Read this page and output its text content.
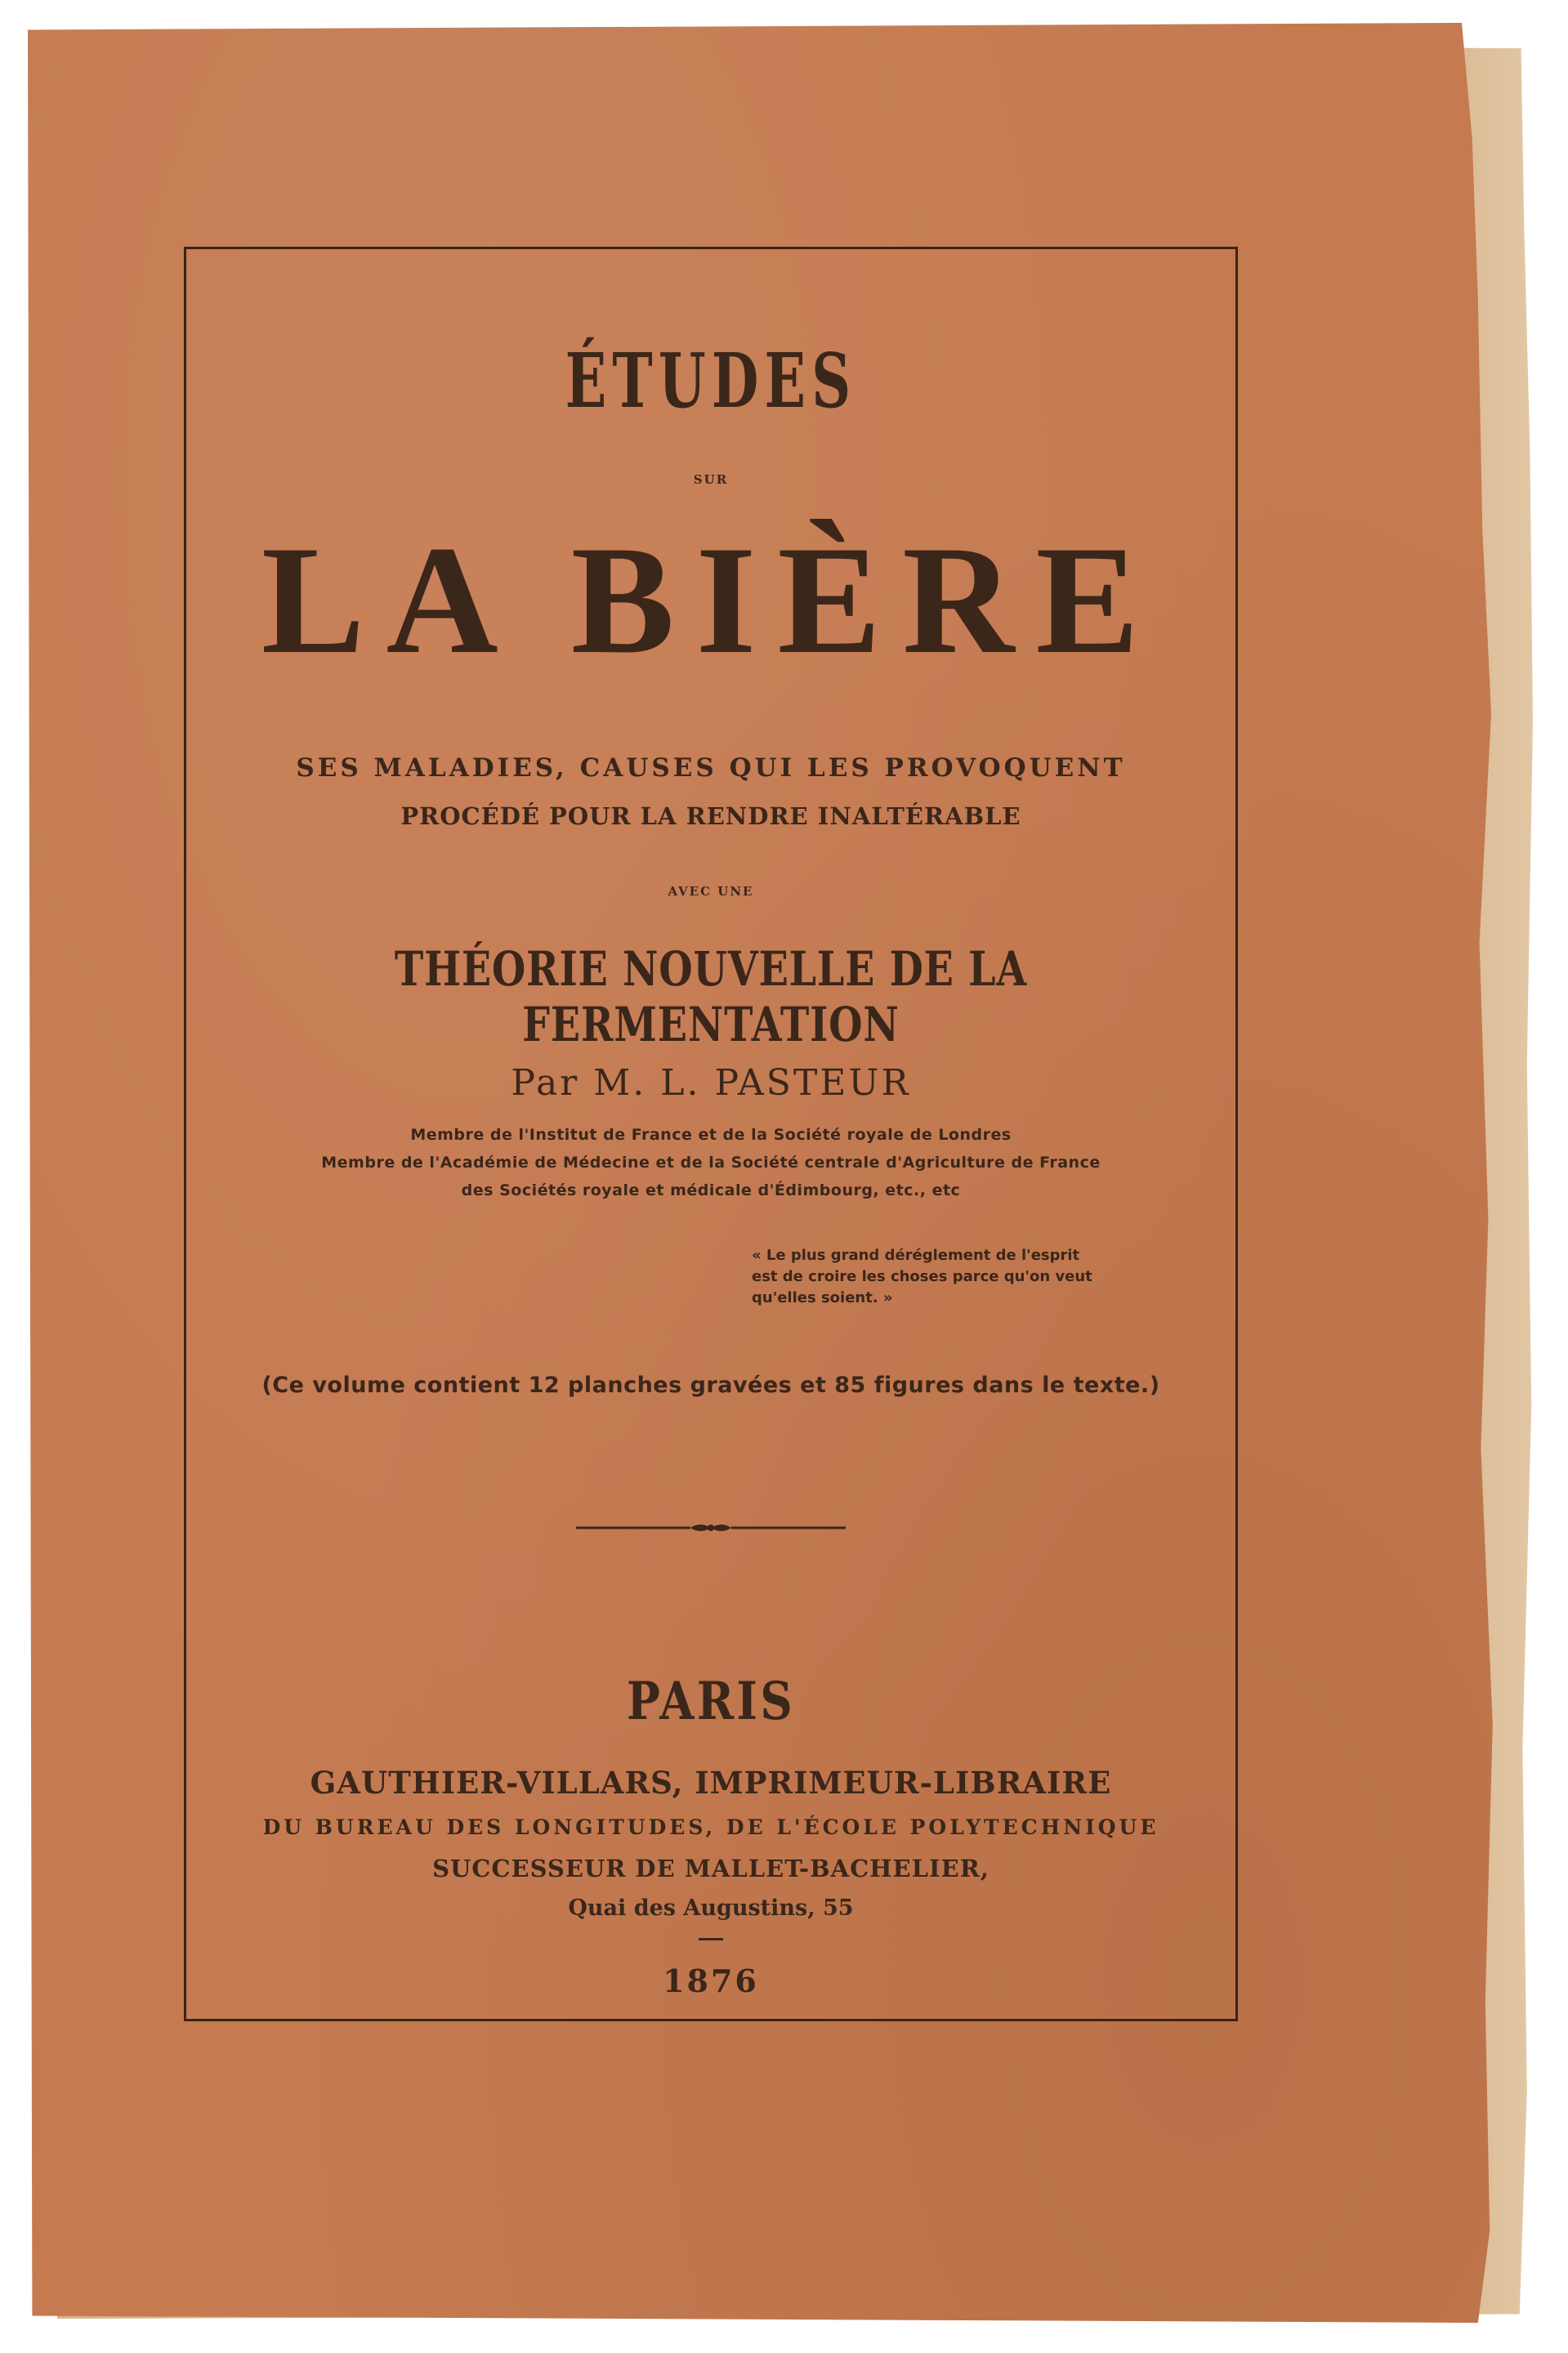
ÉTUDES

SUR

LA BIÈRE

SES MALADIES, CAUSES QUI LES PROVOQUENT

PROCÉDÉ POUR LA RENDRE INALTÉRABLE

AVEC UNE

THÉORIE NOUVELLE DE LA FERMENTATION

Par M. L. PASTEUR

Membre de l'Institut de France et de la Société royale de Londres

Membre de l'Académie de Médecine et de la Société centrale d'Agriculture de France

des Sociétés royale et médicale d'Édimbourg, etc., etc

« Le plus grand déréglement de l'esprit
est de croire les choses parce qu'on veut
qu'elles soient. »

(Ce volume contient 12 planches gravées et 85 figures dans le texte.)

PARIS

GAUTHIER-VILLARS, IMPRIMEUR-LIBRAIRE

DU BUREAU DES LONGITUDES, DE L'ÉCOLE POLYTECHNIQUE

SUCCESSEUR DE MALLET-BACHELIER,

Quai des Augustins, 55

1876
